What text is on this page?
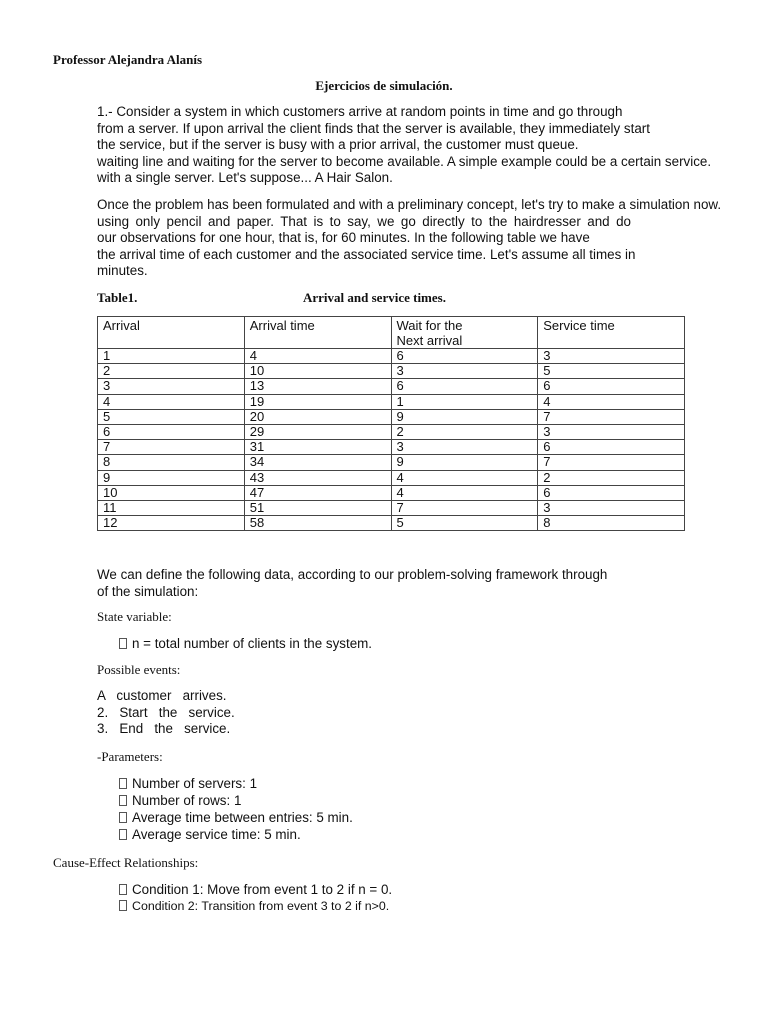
Professor Alejandra Alanís
Ejercicios de simulación.
1.- Consider a system in which customers arrive at random points in time and go through
from a server. If upon arrival the client finds that the server is available, they immediately start
the service, but if the server is busy with a prior arrival, the customer must queue.
waiting line and waiting for the server to become available. A simple example could be a certain service.
with a single server. Let's suppose... A Hair Salon.
Once the problem has been formulated and with a preliminary concept, let's try to make a simulation now.
using only pencil and paper. That is to say, we go directly to the hairdresser and do
our observations for one hour, that is, for 60 minutes. In the following table we have
the arrival time of each customer and the associated service time. Let's assume all times in
minutes.
Table1.	Arrival and service times.
Arrival	Arrival time	Wait for the
Next arrival	Service time
1	4	6	3
2	10	3	5
3	13	6	6
4	19	1	4
5	20	9	7
6	29	2	3
7	31	3	6
8	34	9	7
9	43	4	2
10	47	4	6
11	51	7	3
12	58	5	8
We can define the following data, according to our problem-solving framework through
of the simulation:
State variable:
n = total number of clients in the system.
Possible events:
A   customer   arrives.
2.   Start   the   service.
3.   End   the   service.
-Parameters:
Number of servers: 1
Number of rows: 1
Average time between entries: 5 min.
Average service time: 5 min.
Cause-Effect Relationships:
Condition 1: Move from event 1 to 2 if n = 0.
Condition 2: Transition from event 3 to 2 if n>0.
